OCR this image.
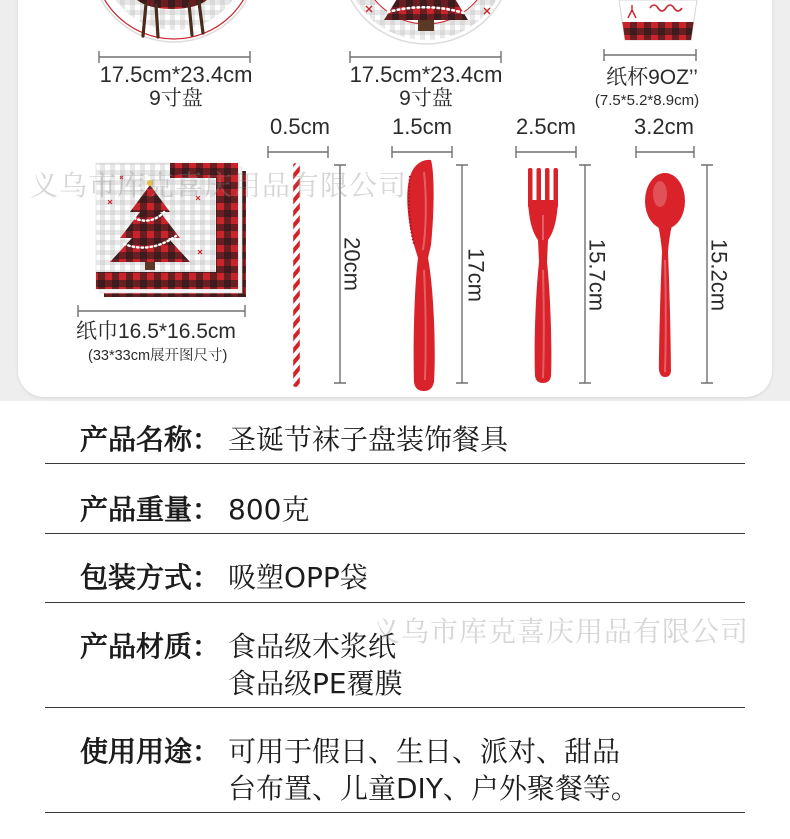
17.5cm*23.4cm
9寸盘
17.5cm*23.4cm
9寸盘
纸杯9OZ’’
(7.5*5.2*8.9cm)
纸巾16.5*16.5cm
(33*33cm展开图尺寸)
0.5cm
20cm
1.5cm
17cm
2.5cm
15.7cm
3.2cm
15.2cm
产品名称： 圣诞节袜子盘装饰餐具
产品重量： 800克
包装方式： 吸塑OPP袋
产品材质： 食品级木浆纸
食品级PE覆膜
使用用途： 可用于假日、生日、派对、甜品
台布置、儿童DIY、户外聚餐等。
义乌市库克喜庆用品有限公司
义乌市库克喜庆用品有限公司
